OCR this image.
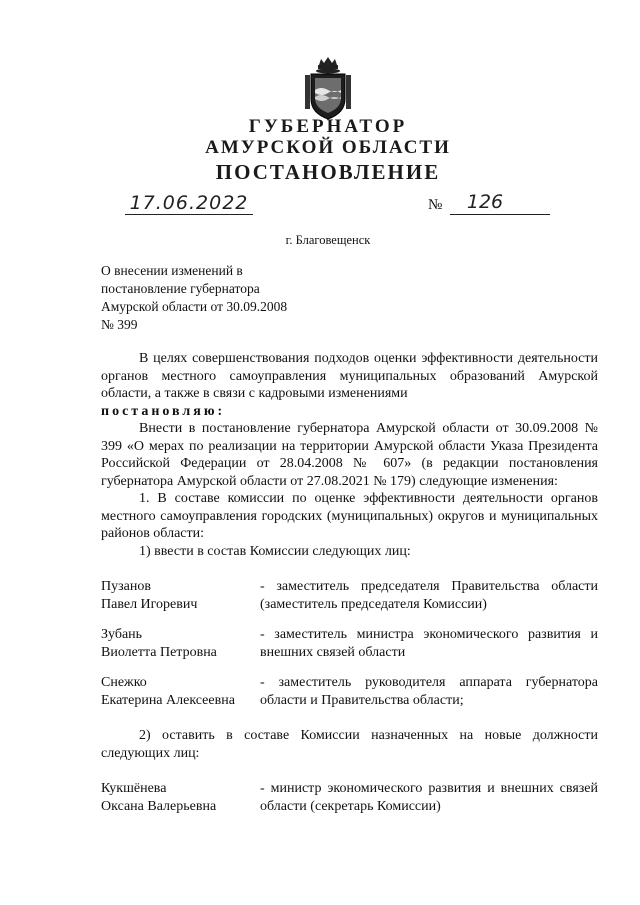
ГУБЕРНАТОР
АМУРСКОЙ ОБЛАСТИ
ПОСТАНОВЛЕНИЕ
17.06.2022	№	126
г. Благовещенск
О внесении изменений в
постановление губернатора
Амурской области от 30.09.2008
№ 399

В целях совершенствования подходов оценки эффективности деятельности органов местного самоуправления муниципальных образований Амурской области, а также в связи с кадровыми изменениями

постановляю:

Внести в постановление губернатора Амурской области от 30.09.2008 № 399 «О мерах по реализации на территории Амурской области Указа Президента Российской Федерации от 28.04.2008 № 607» (в редакции постановления губернатора Амурской области от 27.08.2021 № 179) следующие изменения:

1. В составе комиссии по оценке эффективности деятельности органов местного самоуправления городских (муниципальных) округов и муниципальных районов области:

1) ввести в состав Комиссии следующих лиц:

Пузанов
Павел Игоревич
- заместитель председателя Правительства области (заместитель председателя Комиссии)
Зубань
Виолетта Петровна
- заместитель министра экономического развития и внешних связей области
Снежко
Екатерина Алексеевна
- заместитель руководителя аппарата губернатора области и Правительства области;

2) оставить в составе Комиссии назначенных на новые должности следующих лиц:

Кукшёнева
Оксана Валерьевна
- министр экономического развития и внешних связей области (секретарь Комиссии)
